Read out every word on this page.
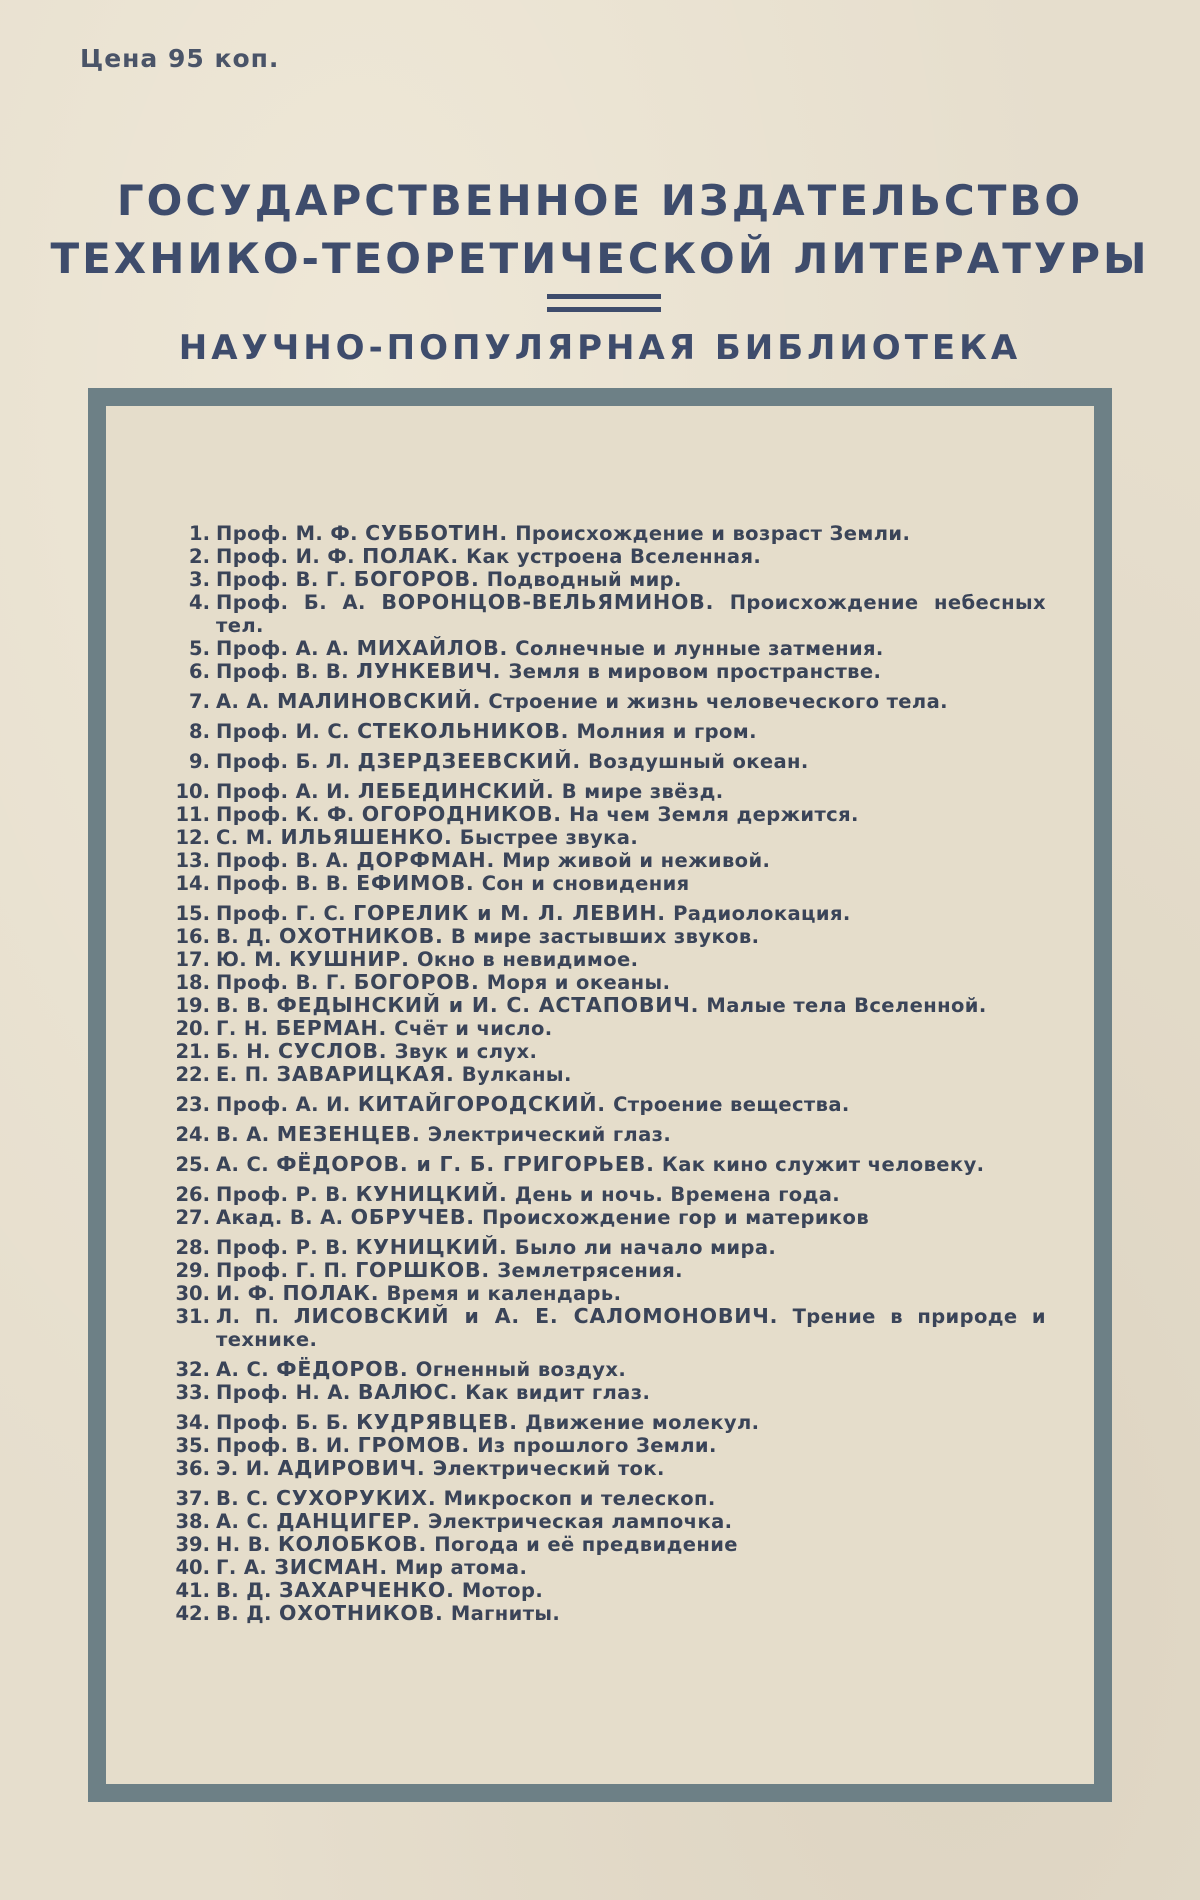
Цена 95 коп.
ГОСУДАРСТВЕННОЕ ИЗДАТЕЛЬСТВО
ТЕХНИКО-ТЕОРЕТИЧЕСКОЙ ЛИТЕРАТУРЫ
НАУЧНО-ПОПУЛЯРНАЯ БИБЛИОТЕКА
1. Проф. М. Ф. СУББОТИН. Происхождение и возраст Земли.
2. Проф. И. Ф. ПОЛАК. Как устроена Вселенная.
3. Проф. В. Г. БОГОРОВ. Подводный мир.
4. Проф. Б. А. ВОРОНЦОВ-ВЕЛЬЯМИНОВ. Происхождение небесных тел.
5. Проф. А. А. МИХАЙЛОВ. Солнечные и лунные затмения.
6. Проф. В. В. ЛУНКЕВИЧ. Земля в мировом пространстве.
7. А. А. МАЛИНОВСКИЙ. Строение и жизнь человеческого тела.
8. Проф. И. С. СТЕКОЛЬНИКОВ. Молния и гром.
9. Проф. Б. Л. ДЗЕРДЗЕЕВСКИЙ. Воздушный океан.
10. Проф. А. И. ЛЕБЕДИНСКИЙ. В мире звёзд.
11. Проф. К. Ф. ОГОРОДНИКОВ. На чем Земля держится.
12. С. М. ИЛЬЯШЕНКО. Быстрее звука.
13. Проф. В. А. ДОРФМАН. Мир живой и неживой.
14. Проф. В. В. ЕФИМОВ. Сон и сновидения
15. Проф. Г. С. ГОРЕЛИК и М. Л. ЛЕВИН. Радиолокация.
16. В. Д. ОХОТНИКОВ. В мире застывших звуков.
17. Ю. М. КУШНИР. Окно в невидимое.
18. Проф. В. Г. БОГОРОВ. Моря и океаны.
19. В. В. ФЕДЫНСКИЙ и И. С. АСТАПОВИЧ. Малые тела Вселенной.
20. Г. Н. БЕРМАН. Счёт и число.
21. Б. Н. СУСЛОВ. Звук и слух.
22. Е. П. ЗАВАРИЦКАЯ. Вулканы.
23. Проф. А. И. КИТАЙГОРОДСКИЙ. Строение вещества.
24. В. А. МЕЗЕНЦЕВ. Электрический глаз.
25. А. С. ФЁДОРОВ. и Г. Б. ГРИГОРЬЕВ. Как кино служит человеку.
26. Проф. Р. В. КУНИЦКИЙ. День и ночь. Времена года.
27. Акад. В. А. ОБРУЧЕВ. Происхождение гор и материков
28. Проф. Р. В. КУНИЦКИЙ. Было ли начало мира.
29. Проф. Г. П. ГОРШКОВ. Землетрясения.
30. И. Ф. ПОЛАК. Время и календарь.
31. Л. П. ЛИСОВСКИЙ и А. Е. САЛОМОНОВИЧ. Трение в природе и технике.
32. А. С. ФЁДОРОВ. Огненный воздух.
33. Проф. Н. А. ВАЛЮС. Как видит глаз.
34. Проф. Б. Б. КУДРЯВЦЕВ. Движение молекул.
35. Проф. В. И. ГРОМОВ. Из прошлого Земли.
36. Э. И. АДИРОВИЧ. Электрический ток.
37. В. С. СУХОРУКИХ. Микроскоп и телескоп.
38. А. С. ДАНЦИГЕР. Электрическая лампочка.
39. Н. В. КОЛОБКОВ. Погода и её предвидение
40. Г. А. ЗИСМАН. Мир атома.
41. В. Д. ЗАХАРЧЕНКО. Мотор.
42. В. Д. ОХОТНИКОВ. Магниты.
